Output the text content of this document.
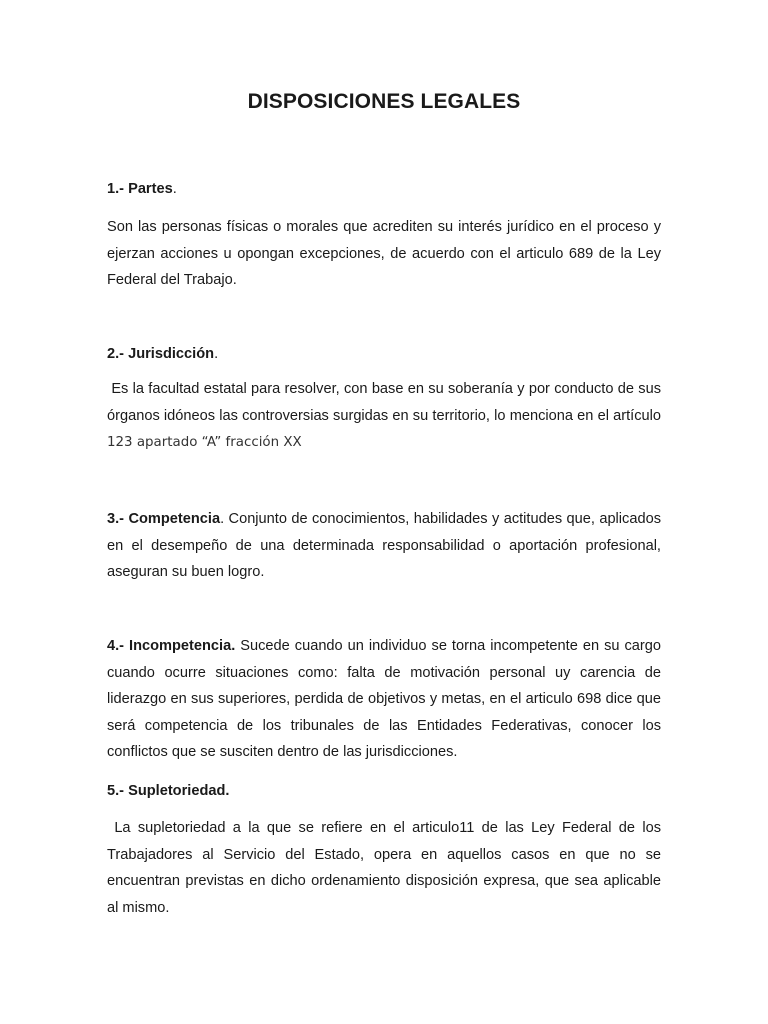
DISPOSICIONES LEGALES
1.- Partes.
Son las personas físicas o morales que acrediten su interés jurídico en el proceso y ejerzan acciones u opongan excepciones, de acuerdo con el articulo 689 de la Ley Federal del Trabajo.
2.- Jurisdicción.
Es la facultad estatal para resolver, con base en su soberanía y por conducto de sus órganos idóneos las controversias surgidas en su territorio, lo menciona en el artículo 123 apartado “A” fracción XX
3.- Competencia. Conjunto de conocimientos, habilidades y actitudes que, aplicados en el desempeño de una determinada responsabilidad o aportación profesional, aseguran su buen logro.
4.- Incompetencia. Sucede cuando un individuo se torna incompetente en su cargo cuando ocurre situaciones como: falta de motivación personal uy carencia de liderazgo en sus superiores, perdida de objetivos y metas, en el articulo 698 dice que será competencia de los tribunales de las Entidades Federativas, conocer los conflictos que se susciten dentro de las jurisdicciones.
5.- Supletoriedad.
La supletoriedad a la que se refiere en el articulo11 de las Ley Federal de los Trabajadores al Servicio del Estado, opera en aquellos casos en que no se encuentran previstas en dicho ordenamiento disposición expresa, que sea aplicable al mismo.
